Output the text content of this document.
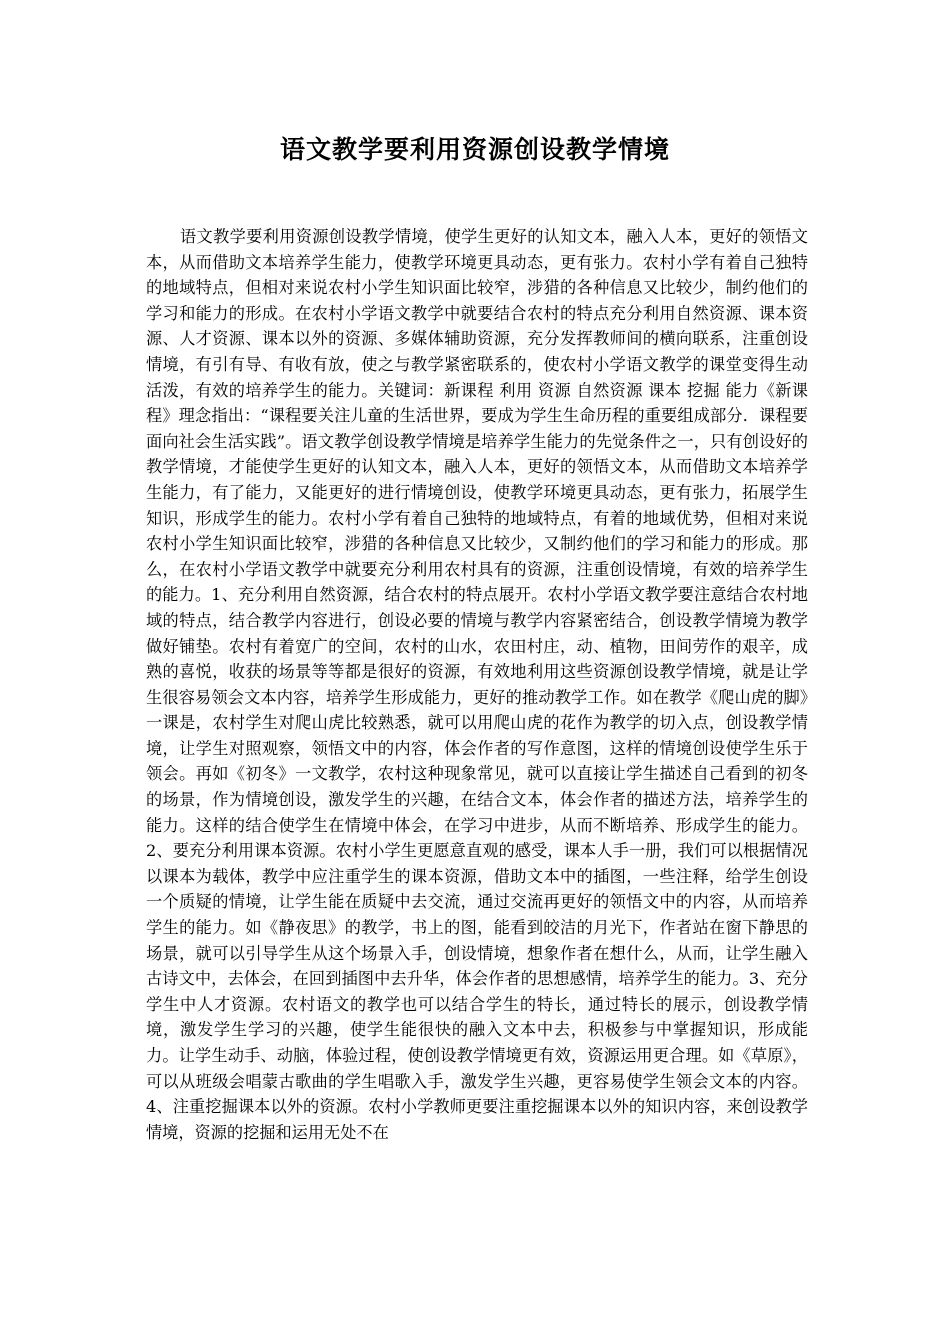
语文教学要利用资源创设教学情境

语文教学要利用资源创设教学情境，使学生更好的认知文本，融入人本，更好的领悟文本，从而借助文本培养学生能力，使教学环境更具动态，更有张力。农村小学有着自己独特的地域特点，但相对来说农村小学生知识面比较窄，涉猎的各种信息又比较少，制约他们的学习和能力的形成。在农村小学语文教学中就要结合农村的特点充分利用自然资源、课本资源、人才资源、课本以外的资源、多媒体辅助资源，充分发挥教师间的横向联系，注重创设情境，有引有导、有收有放，使之与教学紧密联系的，使农村小学语文教学的课堂变得生动活泼，有效的培养学生的能力。关键词：新课程 利用 资源 自然资源 课本 挖掘 能力《新课程》理念指出：“课程要关注儿童的生活世界，要成为学生生命历程的重要组成部分．课程要面向社会生活实践”。语文教学创设教学情境是培养学生能力的先觉条件之一，只有创设好的教学情境，才能使学生更好的认知文本，融入人本，更好的领悟文本，从而借助文本培养学生能力，有了能力，又能更好的进行情境创设，使教学环境更具动态，更有张力，拓展学生知识，形成学生的能力。农村小学有着自己独特的地域特点，有着的地域优势，但相对来说农村小学生知识面比较窄，涉猎的各种信息又比较少，又制约他们的学习和能力的形成。那么，在农村小学语文教学中就要充分利用农村具有的资源，注重创设情境，有效的培养学生的能力。1、充分利用自然资源，结合农村的特点展开。农村小学语文教学要注意结合农村地域的特点，结合教学内容进行，创设必要的情境与教学内容紧密结合，创设教学情境为教学做好铺垫。农村有着宽广的空间，农村的山水，农田村庄，动、植物，田间劳作的艰辛，成熟的喜悦，收获的场景等等都是很好的资源，有效地利用这些资源创设教学情境，就是让学生很容易领会文本内容，培养学生形成能力，更好的推动教学工作。如在教学《爬山虎的脚》一课是，农村学生对爬山虎比较熟悉，就可以用爬山虎的花作为教学的切入点，创设教学情境，让学生对照观察，领悟文中的内容，体会作者的写作意图，这样的情境创设使学生乐于领会。再如《初冬》一文教学，农村这种现象常见，就可以直接让学生描述自己看到的初冬的场景，作为情境创设，激发学生的兴趣，在结合文本，体会作者的描述方法，培养学生的能力。这样的结合使学生在情境中体会，在学习中进步，从而不断培养、形成学生的能力。2、要充分利用课本资源。农村小学生更愿意直观的感受，课本人手一册，我们可以根据情况以课本为载体，教学中应注重学生的课本资源，借助文本中的插图，一些注释，给学生创设一个质疑的情境，让学生能在质疑中去交流，通过交流再更好的领悟文中的内容，从而培养学生的能力。如《静夜思》的教学，书上的图，能看到皎洁的月光下，作者站在窗下静思的场景，就可以引导学生从这个场景入手，创设情境，想象作者在想什么，从而，让学生融入古诗文中，去体会，在回到插图中去升华，体会作者的思想感情，培养学生的能力。3、充分学生中人才资源。农村语文的教学也可以结合学生的特长，通过特长的展示，创设教学情境，激发学生学习的兴趣，使学生能很快的融入文本中去，积极参与中掌握知识，形成能力。让学生动手、动脑，体验过程，使创设教学情境更有效，资源运用更合理。如《草原》，可以从班级会唱蒙古歌曲的学生唱歌入手，激发学生兴趣，更容易使学生领会文本的内容。4、注重挖掘课本以外的资源。农村小学教师更要注重挖掘课本以外的知识内容，来创设教学情境，资源的挖掘和运用无处不在
